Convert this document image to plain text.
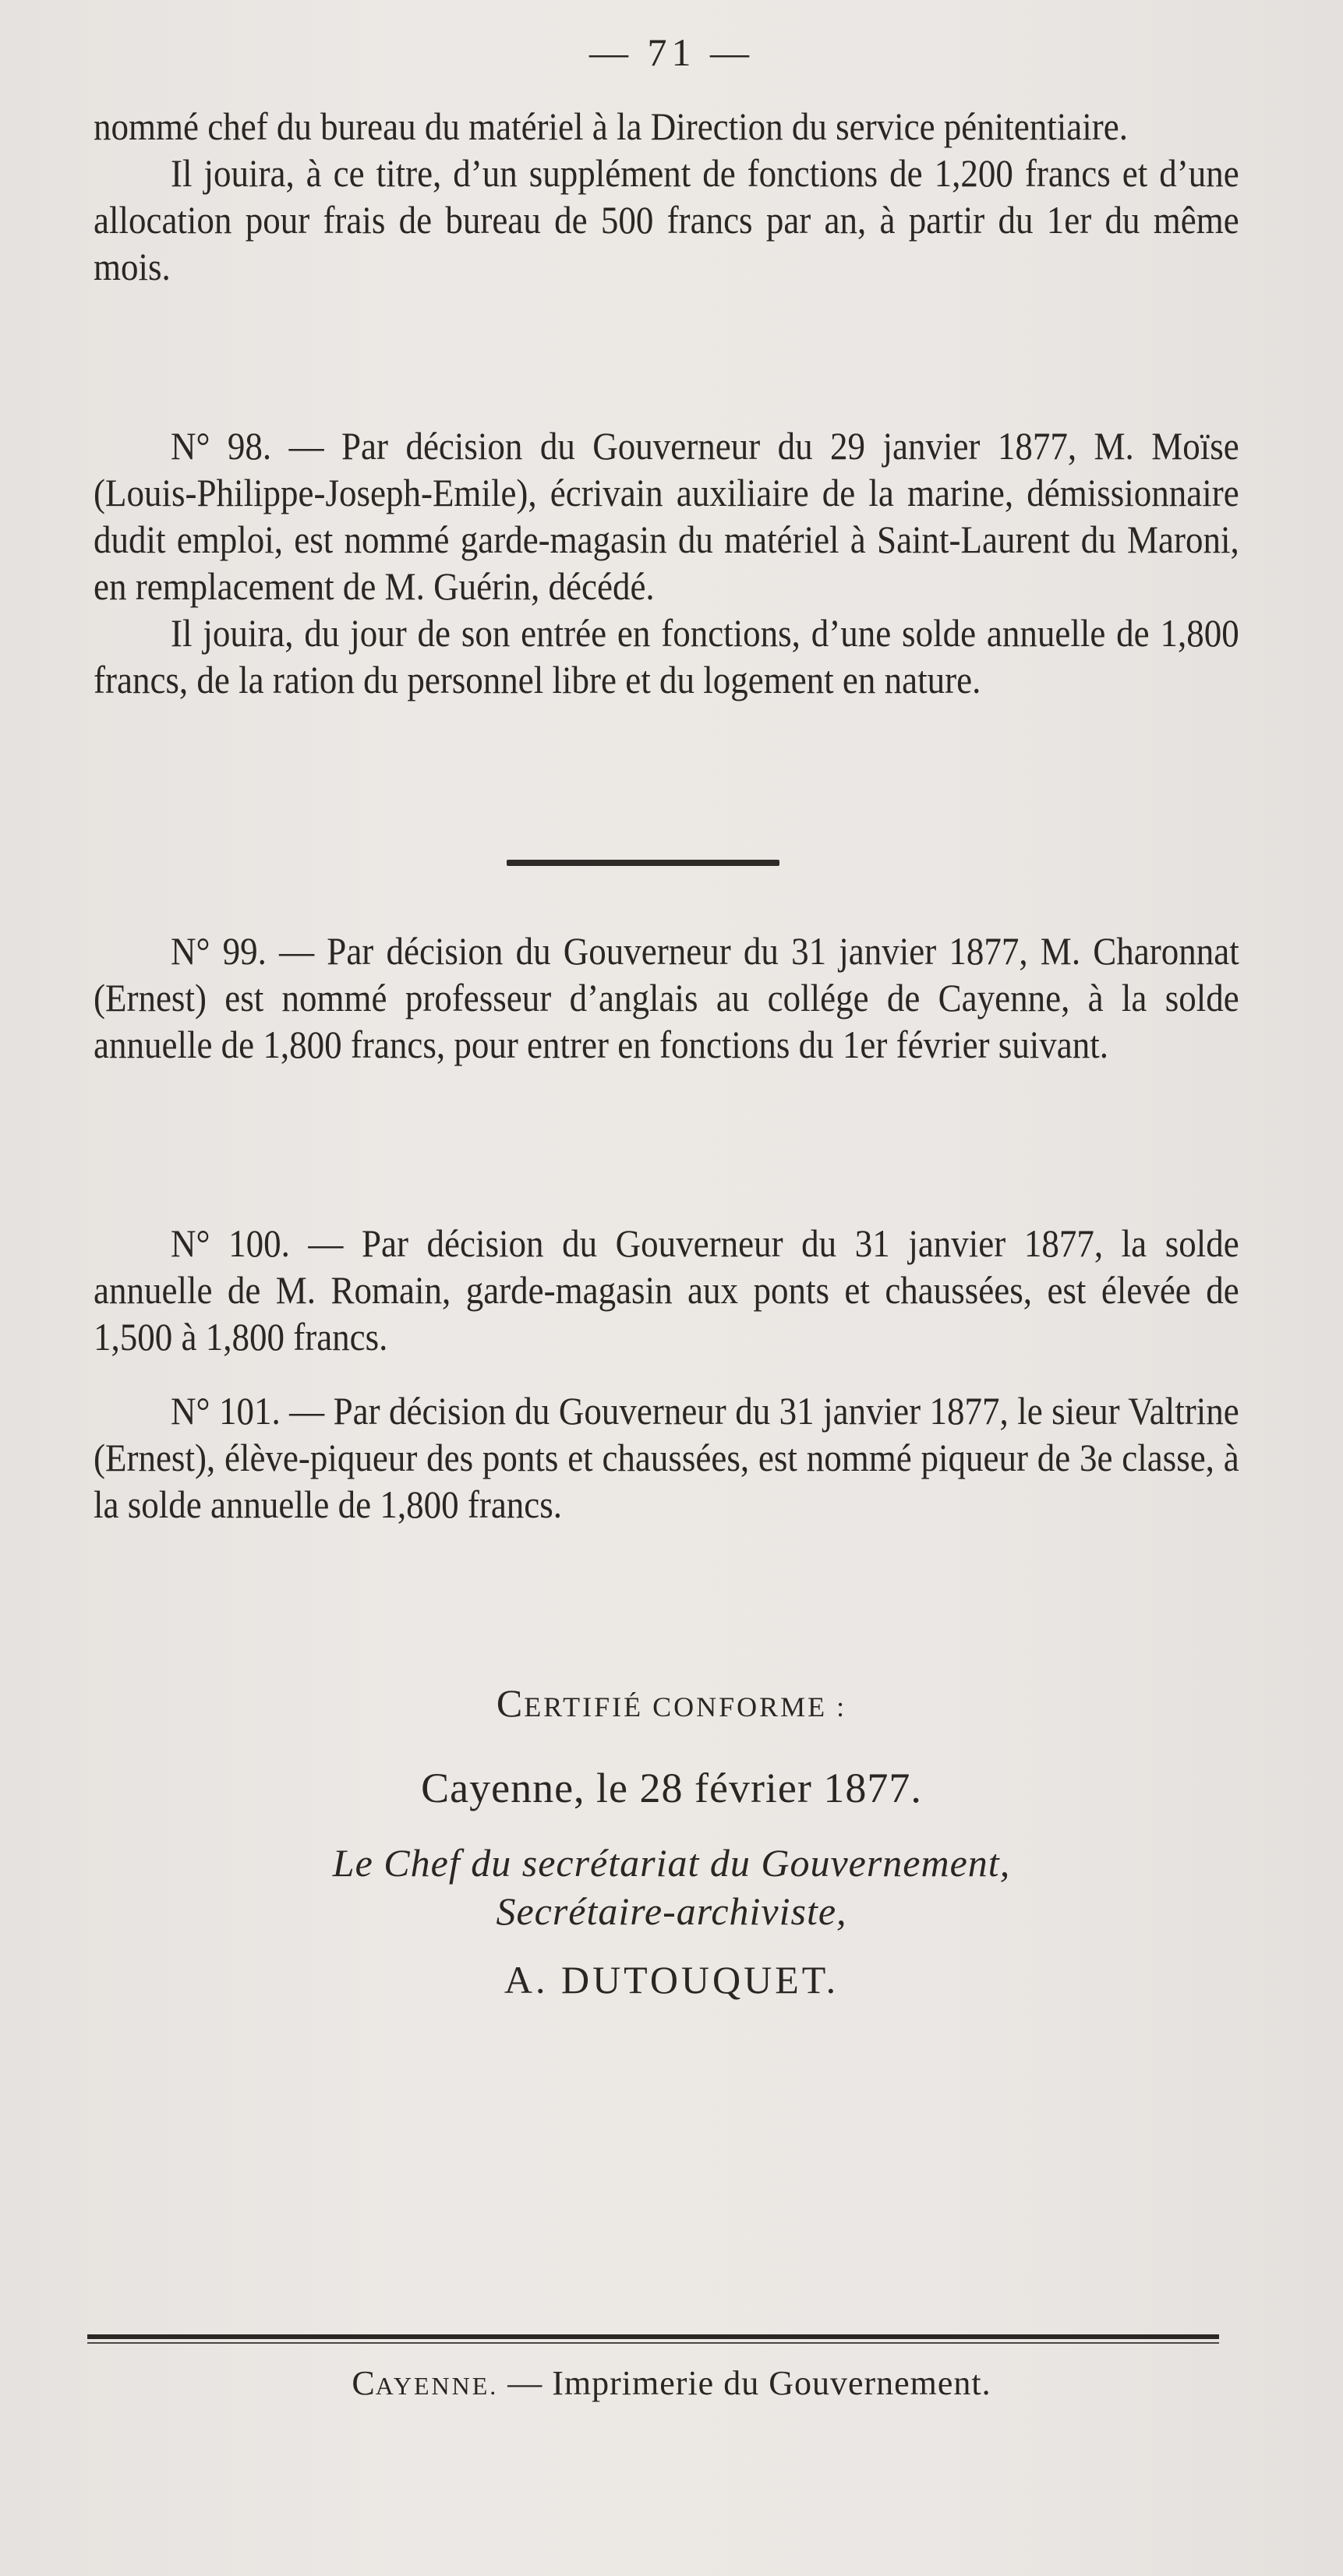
— 71 —

nommé chef du bureau du matériel à la Direction du service pénitentiaire.

Il jouira, à ce titre, d’un supplément de fonctions de 1,200 francs et d’une allocation pour frais de bureau de 500 francs par an, à partir du 1er du même mois.

N° 98. — Par décision du Gouverneur du 29 janvier 1877, M. Moïse (Louis-Philippe-Joseph-Emile), écrivain auxiliaire de la marine, démissionnaire dudit emploi, est nommé garde-magasin du matériel à Saint-Laurent du Maroni, en remplacement de M. Guérin, décédé.

Il jouira, du jour de son entrée en fonctions, d’une solde annuelle de 1,800 francs, de la ration du personnel libre et du logement en nature.

N° 99. — Par décision du Gouverneur du 31 janvier 1877, M. Charonnat (Ernest) est nommé professeur d’anglais au collége de Cayenne, à la solde annuelle de 1,800 francs, pour entrer en fonctions du 1er février suivant.

N° 100. — Par décision du Gouverneur du 31 janvier 1877, la solde annuelle de M. Romain, garde-magasin aux ponts et chaussées, est élevée de 1,500 à 1,800 francs.

N° 101. — Par décision du Gouverneur du 31 janvier 1877, le sieur Valtrine (Ernest), élève-piqueur des ponts et chaussées, est nommé piqueur de 3e classe, à la solde annuelle de 1,800 francs.

CERTIFIÉ CONFORME :
Cayenne, le 28 février 1877.
Le Chef du secrétariat du Gouvernement,
Secrétaire-archiviste,
A. DUTOUQUET.
CAYENNE. — Imprimerie du Gouvernement.
